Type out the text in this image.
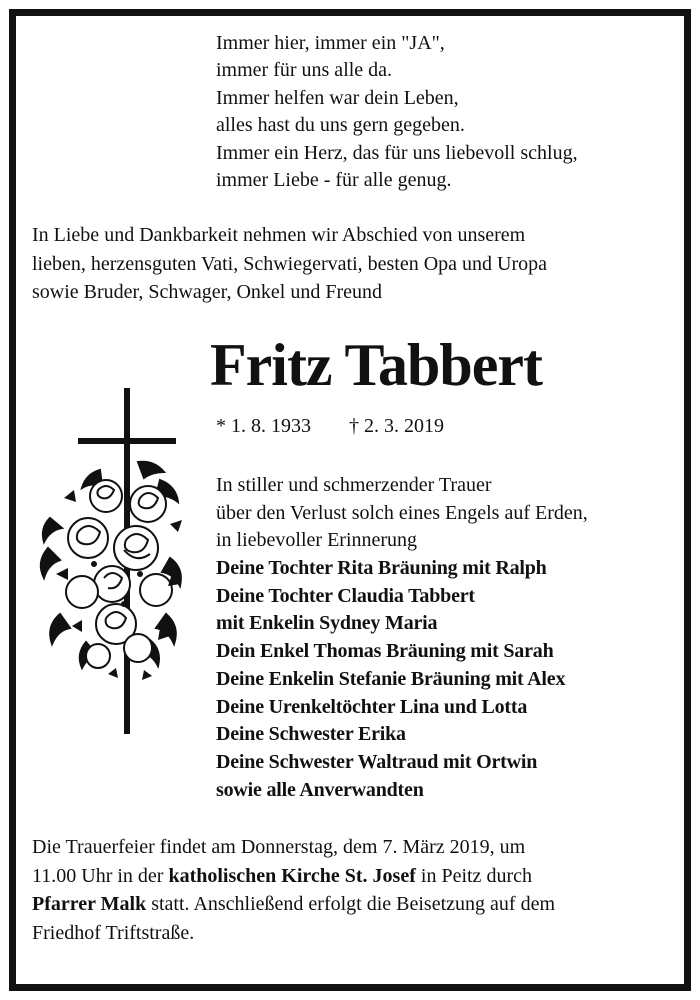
Immer hier, immer ein "JA",
immer für uns alle da.
Immer helfen war dein Leben,
alles hast du uns gern gegeben.
Immer ein Herz, das für uns liebevoll schlug,
immer Liebe - für alle genug.
In Liebe und Dankbarkeit nehmen wir Abschied von unserem
lieben, herzensguten Vati, Schwiegervati, besten Opa und Uropa
sowie Bruder, Schwager, Onkel und Freund
Fritz Tabbert
* 1. 8. 1933 † 2. 3. 2019
In stiller und schmerzender Trauer
über den Verlust solch eines Engels auf Erden,
in liebevoller Erinnerung
Deine Tochter Rita Bräuning mit Ralph
Deine Tochter Claudia Tabbert
mit Enkelin Sydney Maria
Dein Enkel Thomas Bräuning mit Sarah
Deine Enkelin Stefanie Bräuning mit Alex
Deine Urenkeltöchter Lina und Lotta
Deine Schwester Erika
Deine Schwester Waltraud mit Ortwin
sowie alle Anverwandten
Die Trauerfeier findet am Donnerstag, dem 7. März 2019, um
11.00 Uhr in der katholischen Kirche St. Josef in Peitz durch
Pfarrer Malk statt. Anschließend erfolgt die Beisetzung auf dem
Friedhof Triftstraße.
